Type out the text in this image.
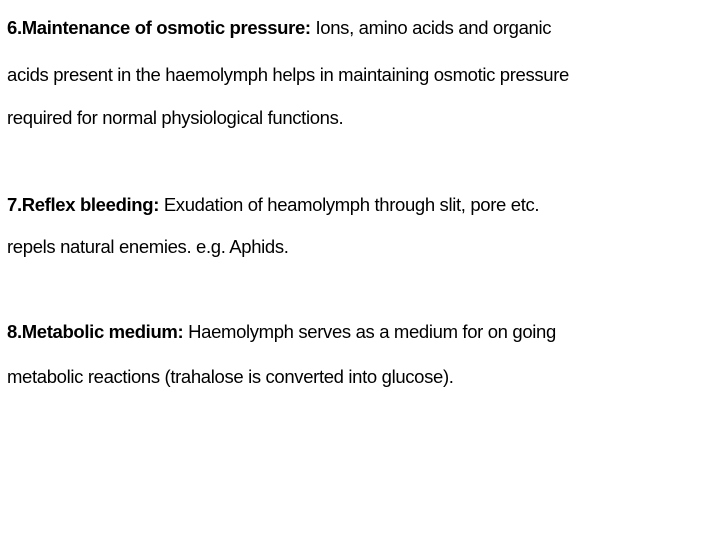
6.Maintenance of osmotic pressure: Ions, amino acids and organic
acids present in the haemolymph helps in maintaining osmotic pressure
required for normal physiological functions.
7.Reflex bleeding: Exudation of heamolymph through slit, pore etc.
repels natural enemies. e.g. Aphids.
8.Metabolic medium: Haemolymph serves as a medium for on going
metabolic reactions (trahalose is converted into glucose).
